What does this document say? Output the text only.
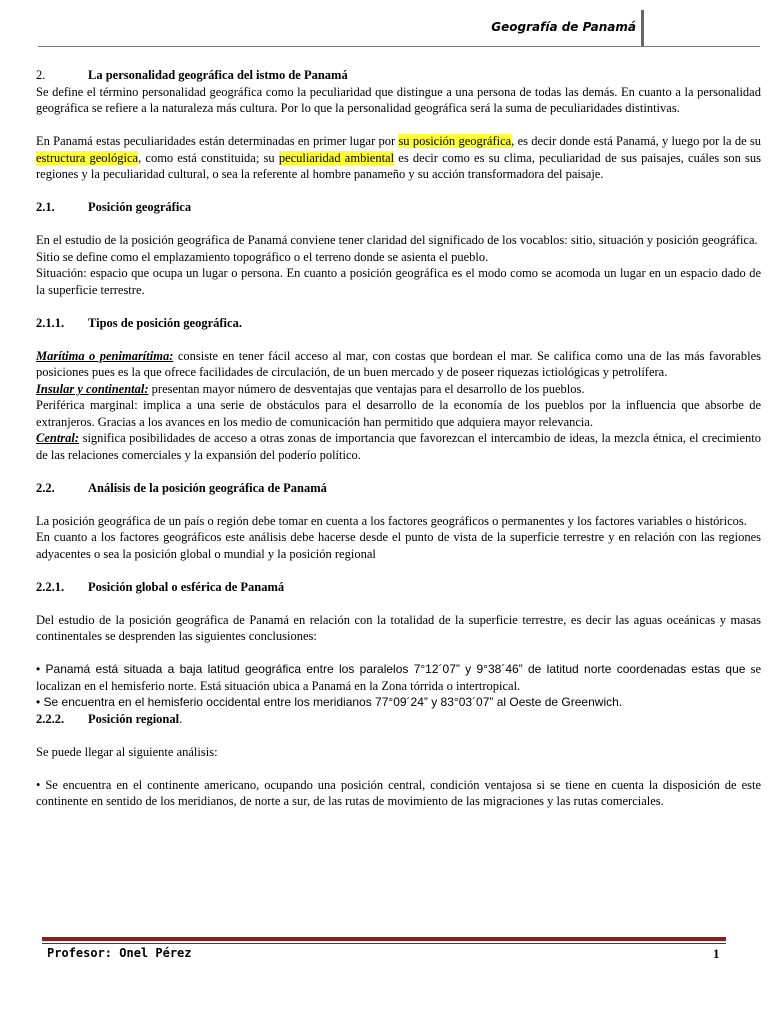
Geografía de Panamá

2.	La personalidad geográfica del istmo de Panamá

Se define el término personalidad geográfica como la peculiaridad que distingue a una persona de todas las demás. En cuanto a la personalidad geográfica se refiere a la naturaleza más cultura. Por lo que la personalidad geográfica será la suma de peculiaridades distintivas.

En Panamá estas peculiaridades están determinadas en primer lugar por su posición geográfica, es decir donde está Panamá, y luego por la de su estructura geológica, como está constituida; su peculiaridad ambiental es decir como es su clima, peculiaridad de sus paisajes, cuáles son sus regiones y la peculiaridad cultural, o sea la referente al hombre panameño y su acción transformadora del paisaje.

2.1.	Posición geográfica

En el estudio de la posición geográfica de Panamá conviene tener claridad del significado de los vocablos: sitio, situación y posición geográfica.

Sitio se define como el emplazamiento topográfico o el terreno donde se asienta el pueblo.

Situación: espacio que ocupa un lugar o persona. En cuanto a posición geográfica es el modo como se acomoda un lugar en un espacio dado de la superficie terrestre.

2.1.1. Tipos de posición geográfica.

Marítima o penimarítima: consiste en tener fácil acceso al mar, con costas que bordean el mar. Se califica como una de las más favorables posiciones pues es la que ofrece facilidades de circulación, de un buen mercado y de poseer riquezas ictiológicas y petrolífera.

Insular y continental: presentan mayor número de desventajas que ventajas para el desarrollo de los pueblos.

Periférica marginal: implica a una serie de obstáculos para el desarrollo de la economía de los pueblos por la influencia que absorbe de extranjeros. Gracias a los avances en los medio de comunicación han permitido que adquiera mayor relevancia.

Central: significa posibilidades de acceso a otras zonas de importancia que favorezcan el intercambio de ideas, la mezcla étnica, el crecimiento de las relaciones comerciales y la expansión del poderío político.

2.2.	Análisis de la posición geográfica de Panamá

La posición geográfica de un país o región debe tomar en cuenta a los factores geográficos o permanentes y los factores variables o históricos.

En cuanto a los factores geográficos este análisis debe hacerse desde el punto de vista de la superficie terrestre y en relación con las regiones adyacentes o sea la posición global o mundial y la posición regional

2.2.1. Posición global o esférica de Panamá

Del estudio de la posición geográfica de Panamá en relación con la totalidad de la superficie terrestre, es decir las aguas oceánicas y masas continentales se desprenden las siguientes conclusiones:

• Panamá está situada a baja latitud geográfica entre los paralelos 7°12´07” y 9°38´46” de latitud norte coordenadas estas que se localizan en el hemisferio norte. Está situación ubica a Panamá en la Zona tórrida o intertropical.

• Se encuentra en el hemisferio occidental entre los meridianos 77°09´24” y 83°03´07” al Oeste de Greenwich.

2.2.2. Posición regional.

Se puede llegar al siguiente análisis:

• Se encuentra en el continente americano, ocupando una posición central, condición ventajosa si se tiene en cuenta la disposición de este continente en sentido de los meridianos, de norte a sur, de las rutas de movimiento de las migraciones y las rutas comerciales.

Profesor: Onel Pérez	1
